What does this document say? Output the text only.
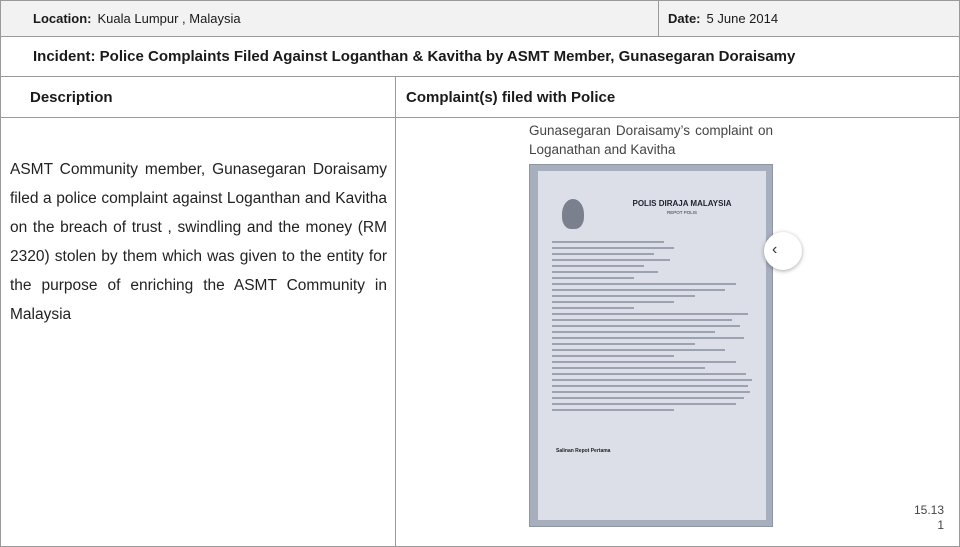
Location: Kuala Lumpur , Malaysia	Date: 5 June 2014
Incident: Police Complaints Filed Against Loganthan & Kavitha by ASMT Member, Gunasegaran Doraisamy
Description	Complaint(s) filed with Police
ASMT Community member, Gunasegaran Doraisamy filed a police complaint against Loganthan and Kavitha on the breach of trust , swindling and the money (RM 2320) stolen by them which was given to the entity for the purpose of enriching the ASMT Community in Malaysia
Gunasegaran Doraisamy’s complaint on Loganathan and Kavitha
POLIS DIRAJA MALAYSIA
REPOT POLIS
Salinan Repot Pertama
‹
15.13
1
